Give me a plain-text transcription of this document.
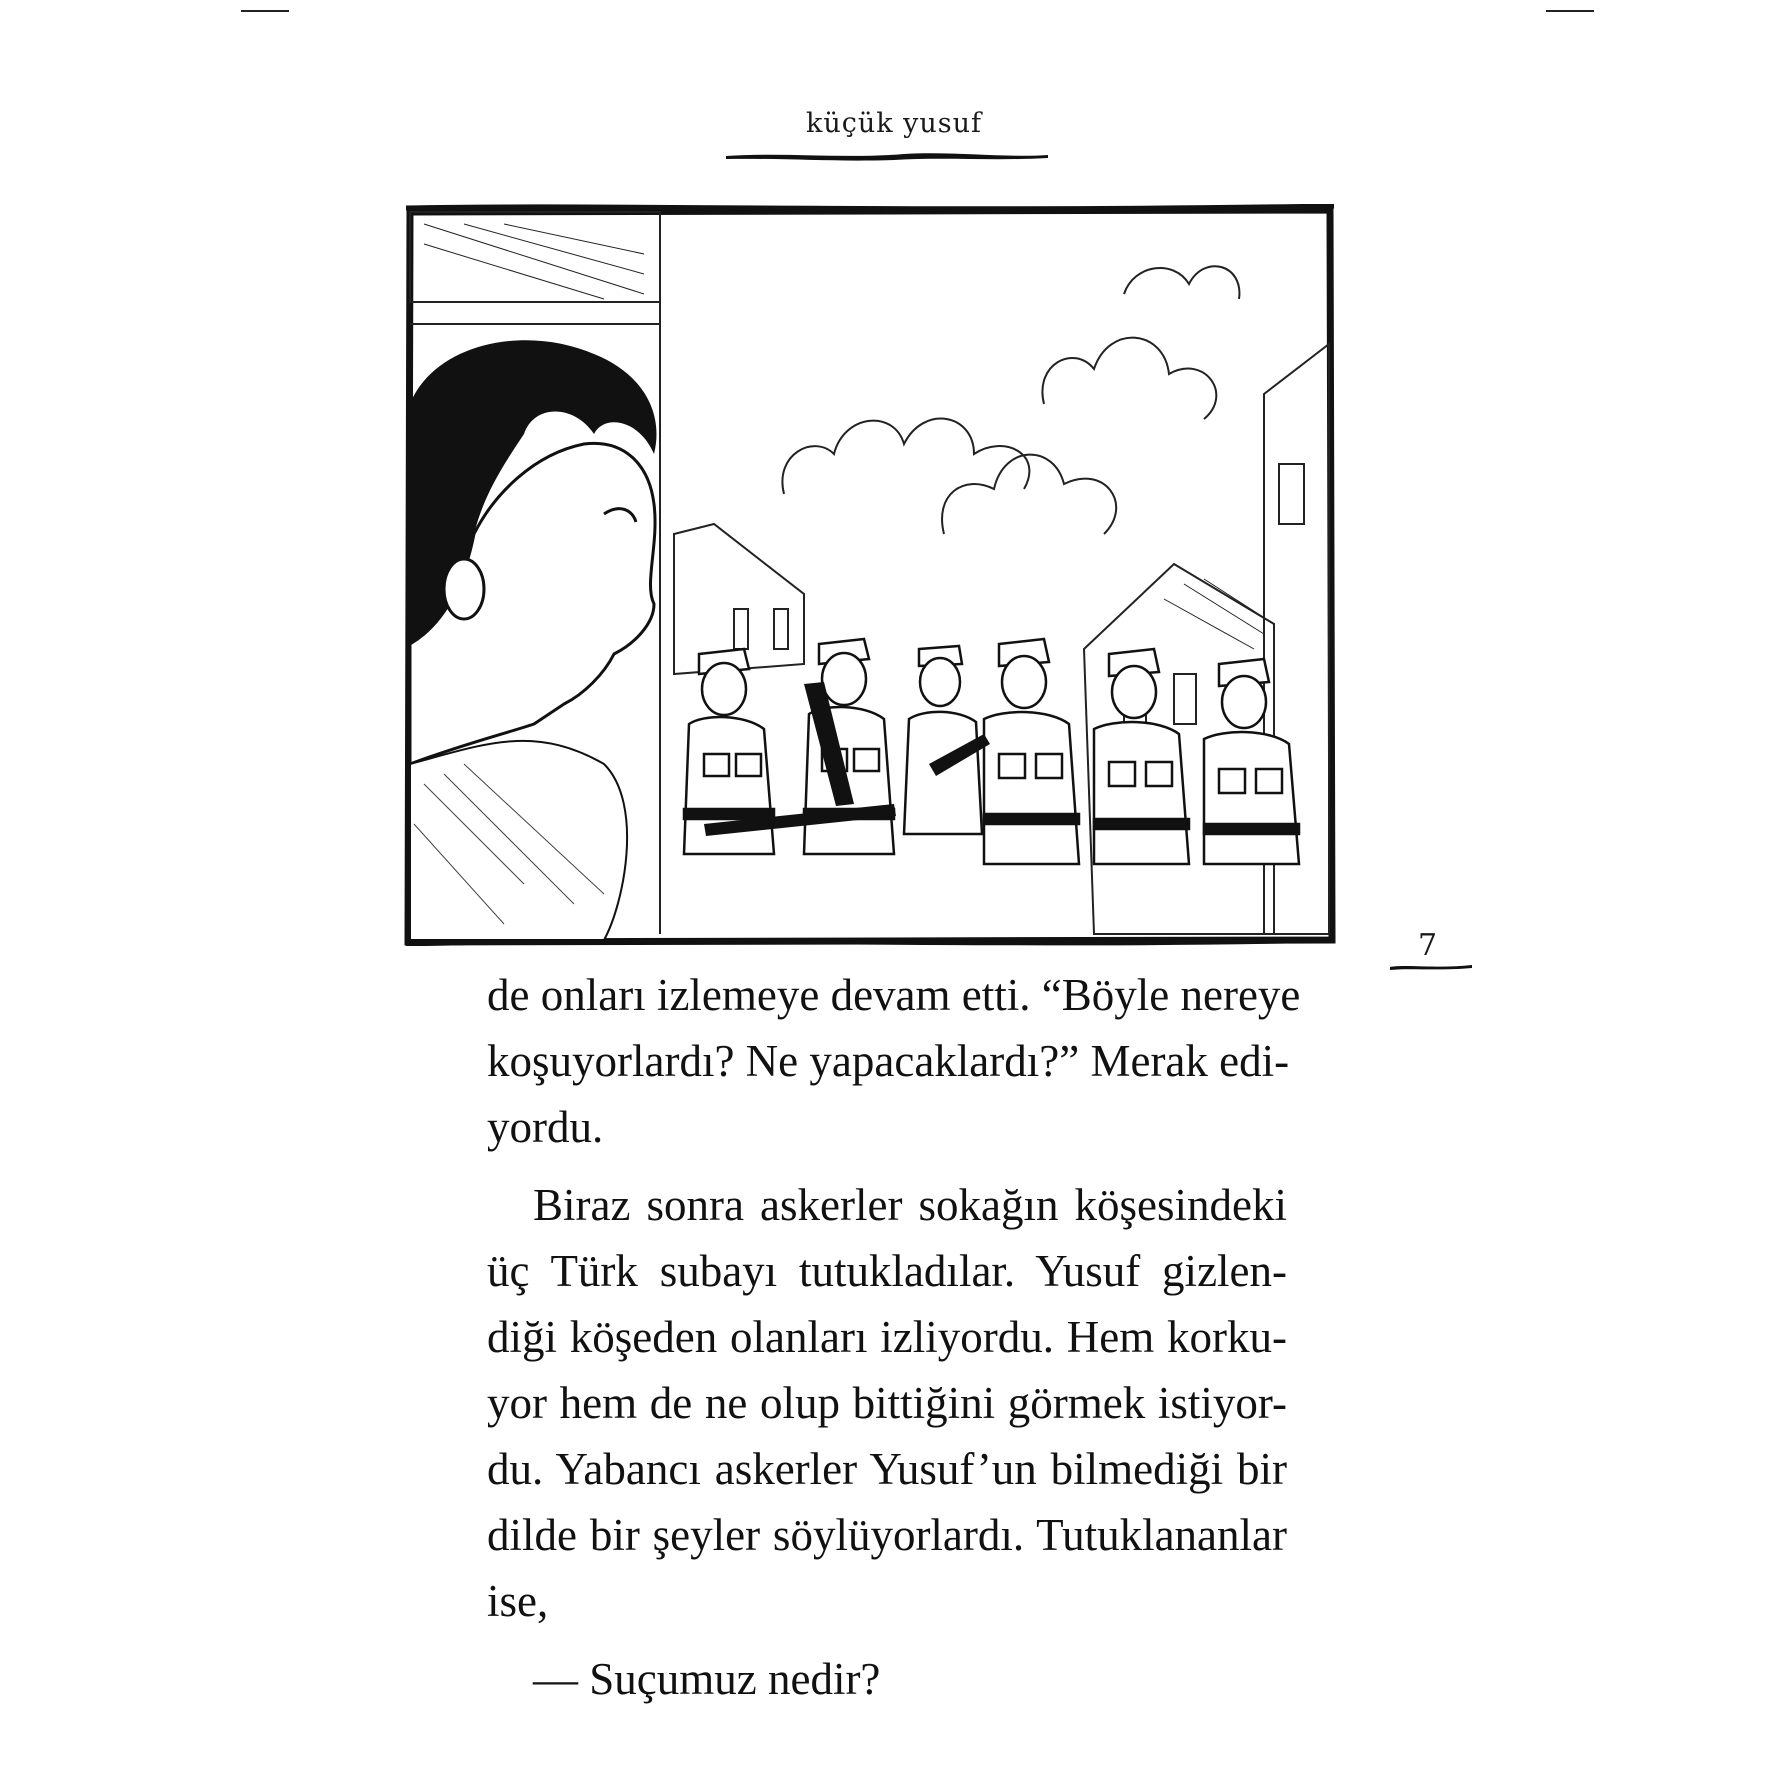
küçük yusuf
7

de onları izlemeye devam etti. “Böyle nereye
koşuyorlardı? Ne yapacaklardı?” Merak edi-
yordu.

Biraz sonra askerler sokağın köşesindeki
üç Türk subayı tutukladılar. Yusuf gizlen-
diği köşeden olanları izliyordu. Hem korku-
yor hem de ne olup bittiğini görmek istiyor-
du. Yabancı askerler Yusuf’un bilmediği bir
dilde bir şeyler söylüyorlardı. Tutuklananlar
ise,

— Suçumuz nedir?
